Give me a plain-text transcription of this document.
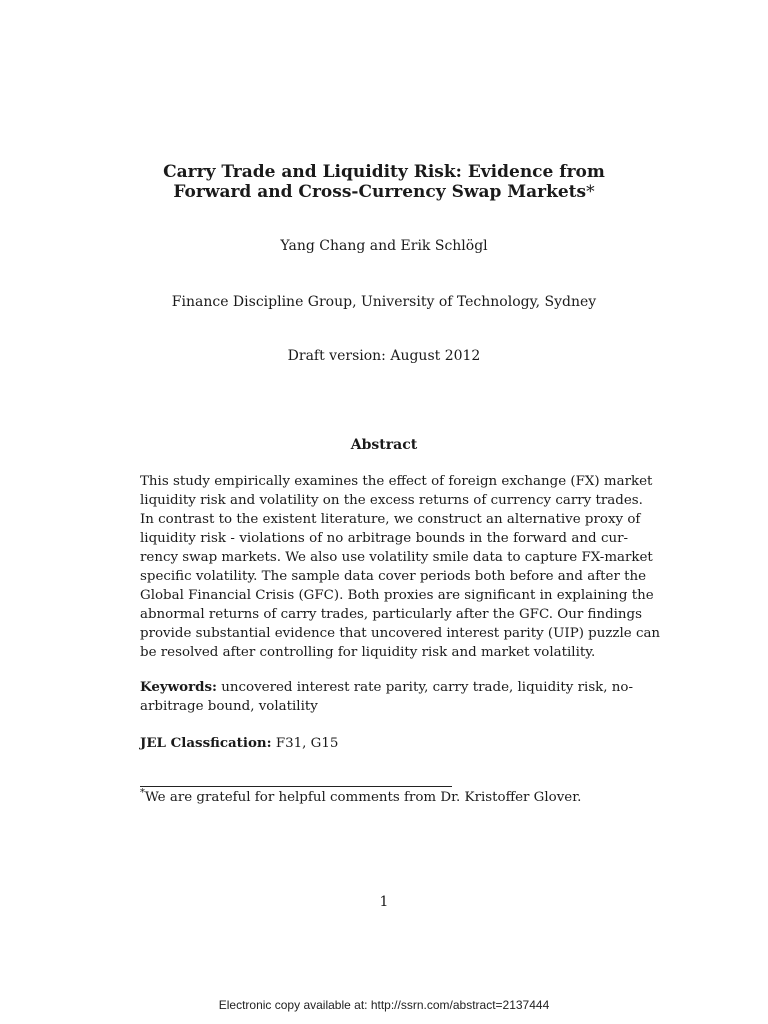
Carry Trade and Liquidity Risk: Evidence from
Forward and Cross-Currency Swap Markets*
Yang Chang and Erik Schlögl
Finance Discipline Group, University of Technology, Sydney
Draft version: August 2012
Abstract
This study empirically examines the effect of foreign exchange (FX) market
liquidity risk and volatility on the excess returns of currency carry trades.
In contrast to the existent literature, we construct an alternative proxy of
liquidity risk - violations of no arbitrage bounds in the forward and cur-
rency swap markets. We also use volatility smile data to capture FX-market
specific volatility. The sample data cover periods both before and after the
Global Financial Crisis (GFC). Both proxies are significant in explaining the
abnormal returns of carry trades, particularly after the GFC. Our findings
provide substantial evidence that uncovered interest parity (UIP) puzzle can
be resolved after controlling for liquidity risk and market volatility.
Keywords: uncovered interest rate parity, carry trade, liquidity risk, no-
arbitrage bound, volatility
JEL Classfication: F31, G15
*We are grateful for helpful comments from Dr. Kristoffer Glover.
1
Electronic copy available at: http://ssrn.com/abstract=2137444
